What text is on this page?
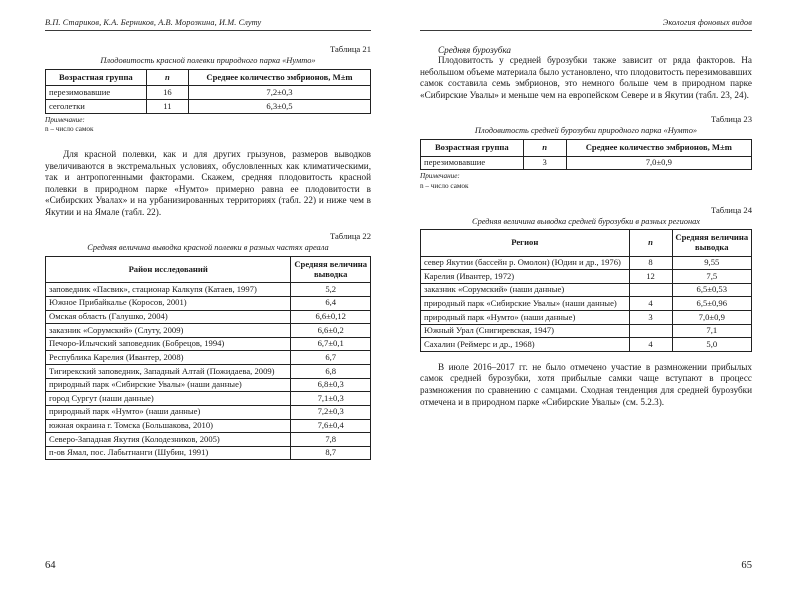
В.П. Стариков, К.А. Берников, А.В. Морозкина, И.М. Слуту
Таблица 21
Плодовитость красной полевки природного парка «Нумто»
Возрастная группа	n	Среднее количество эмбрионов, M±m
перезимовавшие	16	7,2±0,3
сеголетки	11	6,3±0,5
Примечание:
n – число самок

Для красной полевки, как и для других грызунов, размеров выводков увеличиваются в экстремальных условиях, обусловленных как климатическими, так и антропогенными факторами. Скажем, средняя плодовитость красной полевки в природном парке «Нумто» примерно равна ее плодовитости в «Сибирских Увалах» и на урбанизированных территориях (табл. 22) и ниже чем в Якутии и на Ямале (табл. 22).

Таблица 22
Средняя величина выводка красной полевки в разных частях ареала
Район исследований	Средняя величина выводка
заповедник «Пасвик», стационар Калкупя (Катаев, 1997)	5,2
Южное Прибайкалье (Коросов, 2001)	6,4
Омская область (Галушко, 2004)	6,6±0,12
заказник «Сорумский» (Слуту, 2009)	6,6±0,2
Печоро-Илычский заповедник (Бобрецов, 1994)	6,7±0,1
Республика Карелия (Ивантер, 2008)	6,7
Тигирекский заповедник, Западный Алтай (Пожидаева, 2009)	6,8
природный парк «Сибирские Увалы» (наши данные)	6,8±0,3
город Сургут (наши данные)	7,1±0,3
природный парк «Нумто» (наши данные)	7,2±0,3
южная окраина г. Томска (Большакова, 2010)	7,6±0,4
Северо-Западная Якутия (Колодезников, 2005)	7,8
п-ов Ямал, пос. Лабытнанги (Шубин, 1991)	8,7
64
Экология фоновых видов
Средняя бурозубка

Плодовитость у средней бурозубки также зависит от ряда факторов. На небольшом объеме материала было установлено, что плодовитость перезимовавших самок составила семь эмбрионов, это немного больше чем в природном парке «Сибирские Увалы» и меньше чем на европейском Севере и в Якутии (табл. 23, 24).

Таблица 23
Плодовитость средней бурозубки природного парка «Нумто»
Возрастная группа	n	Среднее количество эмбрионов, M±m
перезимовавшие	3	7,0±0,9
Примечание:
n – число самок
Таблица 24
Средняя величина выводка средней бурозубки в разных регионах
Регион	n	Средняя величина выводка
север Якутии (бассейн р. Омолон) (Юдин и др., 1976)	8	9,55
Карелия (Ивантер, 1972)	12	7,5
заказник «Сорумский» (наши данные)		6,5±0,53
природный парк «Сибирские Увалы» (наши данные)	4	6,5±0,96
природный парк «Нумто» (наши данные)	3	7,0±0,9
Южный Урал (Снигиревская, 1947)		7,1
Сахалин (Реймерс и др., 1968)	4	5,0

В июле 2016–2017 гг. не было отмечено участие в размножении прибылых самок средней бурозубки, хотя прибылые самки чаще вступают в процесс размножения по сравнению с самцами. Сходная тенденция для средней бурозубки отмечена и в природном парке «Сибирские Увалы» (см. 5.2.3).

65
